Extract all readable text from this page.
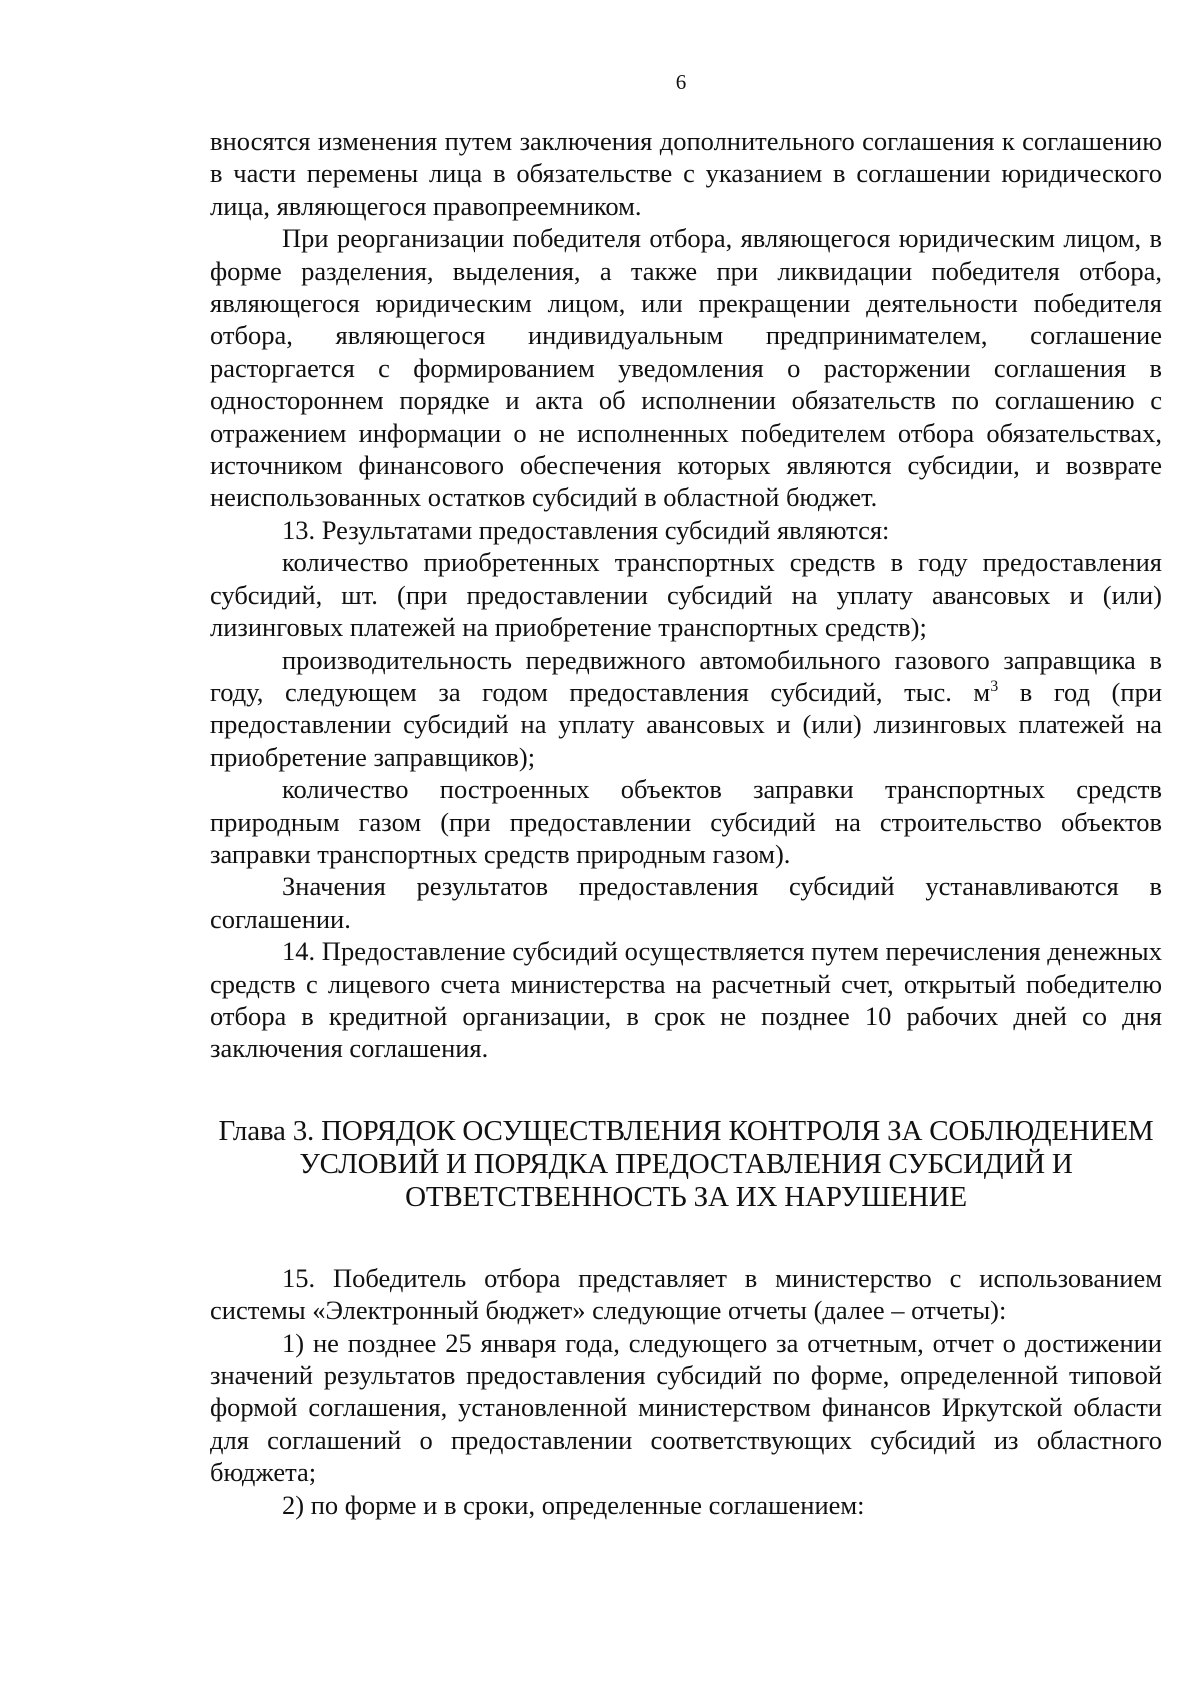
6

вносятся изменения путем заключения дополнительного соглашения к соглашению в части перемены лица в обязательстве с указанием в соглашении юридического лица, являющегося правопреемником.

При реорганизации победителя отбора, являющегося юридическим лицом, в форме разделения, выделения, а также при ликвидации победителя отбора, являющегося юридическим лицом, или прекращении деятельности победителя отбора, являющегося индивидуальным предпринимателем, соглашение расторгается с формированием уведомления о расторжении соглашения в одностороннем порядке и акта об исполнении обязательств по соглашению с отражением информации о не исполненных победителем отбора обязательствах, источником финансового обеспечения которых являются субсидии, и возврате неиспользованных остатков субсидий в областной бюджет.

13. Результатами предоставления субсидий являются:

количество приобретенных транспортных средств в году предоставления субсидий, шт. (при предоставлении субсидий на уплату авансовых и (или) лизинговых платежей на приобретение транспортных средств);

производительность передвижного автомобильного газового заправщика в году, следующем за годом предоставления субсидий, тыс. $м^3$ в год (при предоставлении субсидий на уплату авансовых и (или) лизинговых платежей на приобретение заправщиков);

количество построенных объектов заправки транспортных средств природным газом (при предоставлении субсидий на строительство объектов заправки транспортных средств природным газом).

Значения результатов предоставления субсидий устанавливаются в соглашении.

14. Предоставление субсидий осуществляется путем перечисления денежных средств с лицевого счета министерства на расчетный счет, открытый победителю отбора в кредитной организации, в срок не позднее 10 рабочих дней со дня заключения соглашения.

Глава 3. ПОРЯДОК ОСУЩЕСТВЛЕНИЯ КОНТРОЛЯ ЗА СОБЛЮДЕНИЕМ
УСЛОВИЙ И ПОРЯДКА ПРЕДОСТАВЛЕНИЯ СУБСИДИЙ И
ОТВЕТСТВЕННОСТЬ ЗА ИХ НАРУШЕНИЕ

15. Победитель отбора представляет в министерство с использованием системы «Электронный бюджет» следующие отчеты (далее – отчеты):

1) не позднее 25 января года, следующего за отчетным, отчет о достижении значений результатов предоставления субсидий по форме, определенной типовой формой соглашения, установленной министерством финансов Иркутской области для соглашений о предоставлении соответствующих субсидий из областного бюджета;

2) по форме и в сроки, определенные соглашением:
